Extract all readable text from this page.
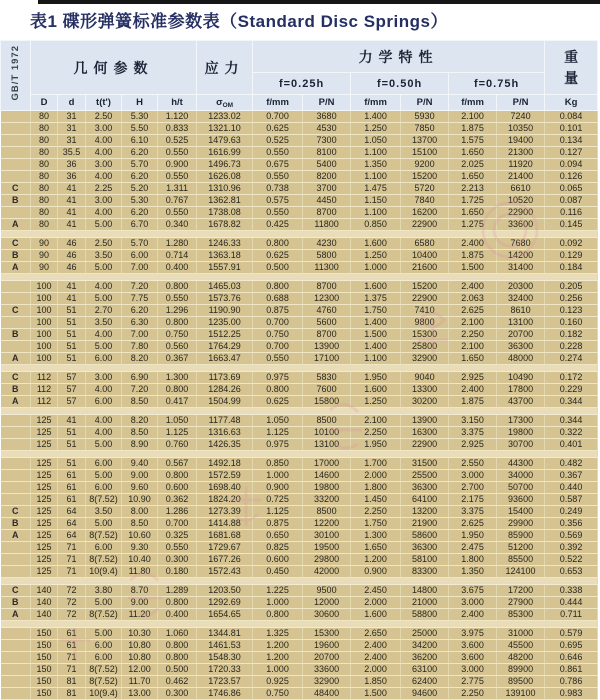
表1 碟形弹簧标准参数表（Standard Disc Springs）
GB/T 1972	几何参数					应力	力学特性						重
量

							f=0.25h		f=0.50h		f=0.75h		
	D	d	t(t')	H	h/t	$\sigma_{OM}$	f/mm	P/N	f/mm	P/N	f/mm	P/N	Kg
	80	31	2.50	5.30	1.120	1233.02	0.700	3680	1.400	5930	2.100	7240	0.084
	80	31	3.00	5.50	0.833	1321.10	0.625	4530	1.250	7850	1.875	10350	0.101
	80	31	4.00	6.10	0.525	1479.63	0.525	7300	1.050	13700	1.575	19400	0.134
	80	35.5	4.00	6.20	0.550	1616.99	0.550	8100	1.100	15100	1.650	21300	0.127
	80	36	3.00	5.70	0.900	1496.73	0.675	5400	1.350	9200	2.025	11920	0.094
	80	36	4.00	6.20	0.550	1626.08	0.550	8200	1.100	15200	1.650	21400	0.126
C	80	41	2.25	5.20	1.311	1310.96	0.738	3700	1.475	5720	2.213	6610	0.065
B	80	41	3.00	5.30	0.767	1362.81	0.575	4450	1.150	7840	1.725	10520	0.087
	80	41	4.00	6.20	0.550	1738.08	0.550	8700	1.100	16200	1.650	22900	0.116
A	80	41	5.00	6.70	0.340	1678.82	0.425	11800	0.850	22900	1.275	33600	0.145

C	90	46	2.50	5.70	1.280	1246.33	0.800	4230	1.600	6580	2.400	7680	0.092
B	90	46	3.50	6.00	0.714	1363.18	0.625	5800	1.250	10400	1.875	14200	0.129
A	90	46	5.00	7.00	0.400	1557.91	0.500	11300	1.000	21600	1.500	31400	0.184

	100	41	4.00	7.20	0.800	1465.03	0.800	8700	1.600	15200	2.400	20300	0.205
	100	41	5.00	7.75	0.550	1573.76	0.688	12300	1.375	22900	2.063	32400	0.256
C	100	51	2.70	6.20	1.296	1190.90	0.875	4760	1.750	7410	2.625	8610	0.123
	100	51	3.50	6.30	0.800	1235.00	0.700	5600	1.400	9800	2.100	13100	0.160
B	100	51	4.00	7.00	0.750	1512.25	0.750	8700	1.500	15300	2.250	20700	0.182
	100	51	5.00	7.80	0.560	1764.29	0.700	13900	1.400	25800	2.100	36300	0.228
A	100	51	6.00	8.20	0.367	1663.47	0.550	17100	1.100	32900	1.650	48000	0.274

C	112	57	3.00	6.90	1.300	1173.69	0.975	5830	1.950	9040	2.925	10490	0.172
B	112	57	4.00	7.20	0.800	1284.26	0.800	7600	1.600	13300	2.400	17800	0.229
A	112	57	6.00	8.50	0.417	1504.99	0.625	15800	1.250	30200	1.875	43700	0.344

	125	41	4.00	8.20	1.050	1177.48	1.050	8500	2.100	13900	3.150	17300	0.344
	125	51	4.00	8.50	1.125	1316.63	1.125	10100	2.250	16300	3.375	19800	0.322
	125	51	5.00	8.90	0.760	1426.35	0.975	13100	1.950	22900	2.925	30700	0.401

	125	51	6.00	9.40	0.567	1492.18	0.850	17000	1.700	31500	2.550	44300	0.482
	125	61	5.00	9.00	0.800	1572.59	1.000	14600	2.000	25500	3.000	34000	0.367
	125	61	6.00	9.60	0.600	1698.40	0.900	19800	1.800	36300	2.700	50700	0.440
	125	61	8(7.52)	10.90	0.362	1824.20	0.725	33200	1.450	64100	2.175	93600	0.587
C	125	64	3.50	8.00	1.286	1273.39	1.125	8500	2.250	13200	3.375	15400	0.249
B	125	64	5.00	8.50	0.700	1414.88	0.875	12200	1.750	21900	2.625	29900	0.356
A	125	64	8(7.52)	10.60	0.325	1681.68	0.650	30100	1.300	58600	1.950	85900	0.569
	125	71	6.00	9.30	0.550	1729.67	0.825	19500	1.650	36300	2.475	51200	0.392
	125	71	8(7.52)	10.40	0.300	1677.26	0.600	29800	1.200	58100	1.800	85500	0.522
	125	71	10(9.4)	11.80	0.180	1572.43	0.450	42000	0.900	83300	1.350	124100	0.653

C	140	72	3.80	8.70	1.289	1203.50	1.225	9500	2.450	14800	3.675	17200	0.338
B	140	72	5.00	9.00	0.800	1292.69	1.000	12000	2.000	21000	3.000	27900	0.444
A	140	72	8(7.52)	11.20	0.400	1654.65	0.800	30600	1.600	58800	2.400	85300	0.711

	150	61	5.00	10.30	1.060	1344.81	1.325	15300	2.650	25000	3.975	31000	0.579
	150	61	6.00	10.80	0.800	1461.53	1.200	19600	2.400	34200	3.600	45500	0.695
	150	71	6.00	10.80	0.800	1548.30	1.200	20700	2.400	36200	3.600	48200	0.646
	150	71	8(7.52)	12.00	0.500	1720.33	1.000	33600	2.000	63100	3.000	89900	0.861
	150	81	8(7.52)	11.70	0.462	1723.57	0.925	32900	1.850	62400	2.775	89500	0.786
	150	81	10(9.4)	13.00	0.300	1746.86	0.750	48400	1.500	94600	2.250	139100	0.983
